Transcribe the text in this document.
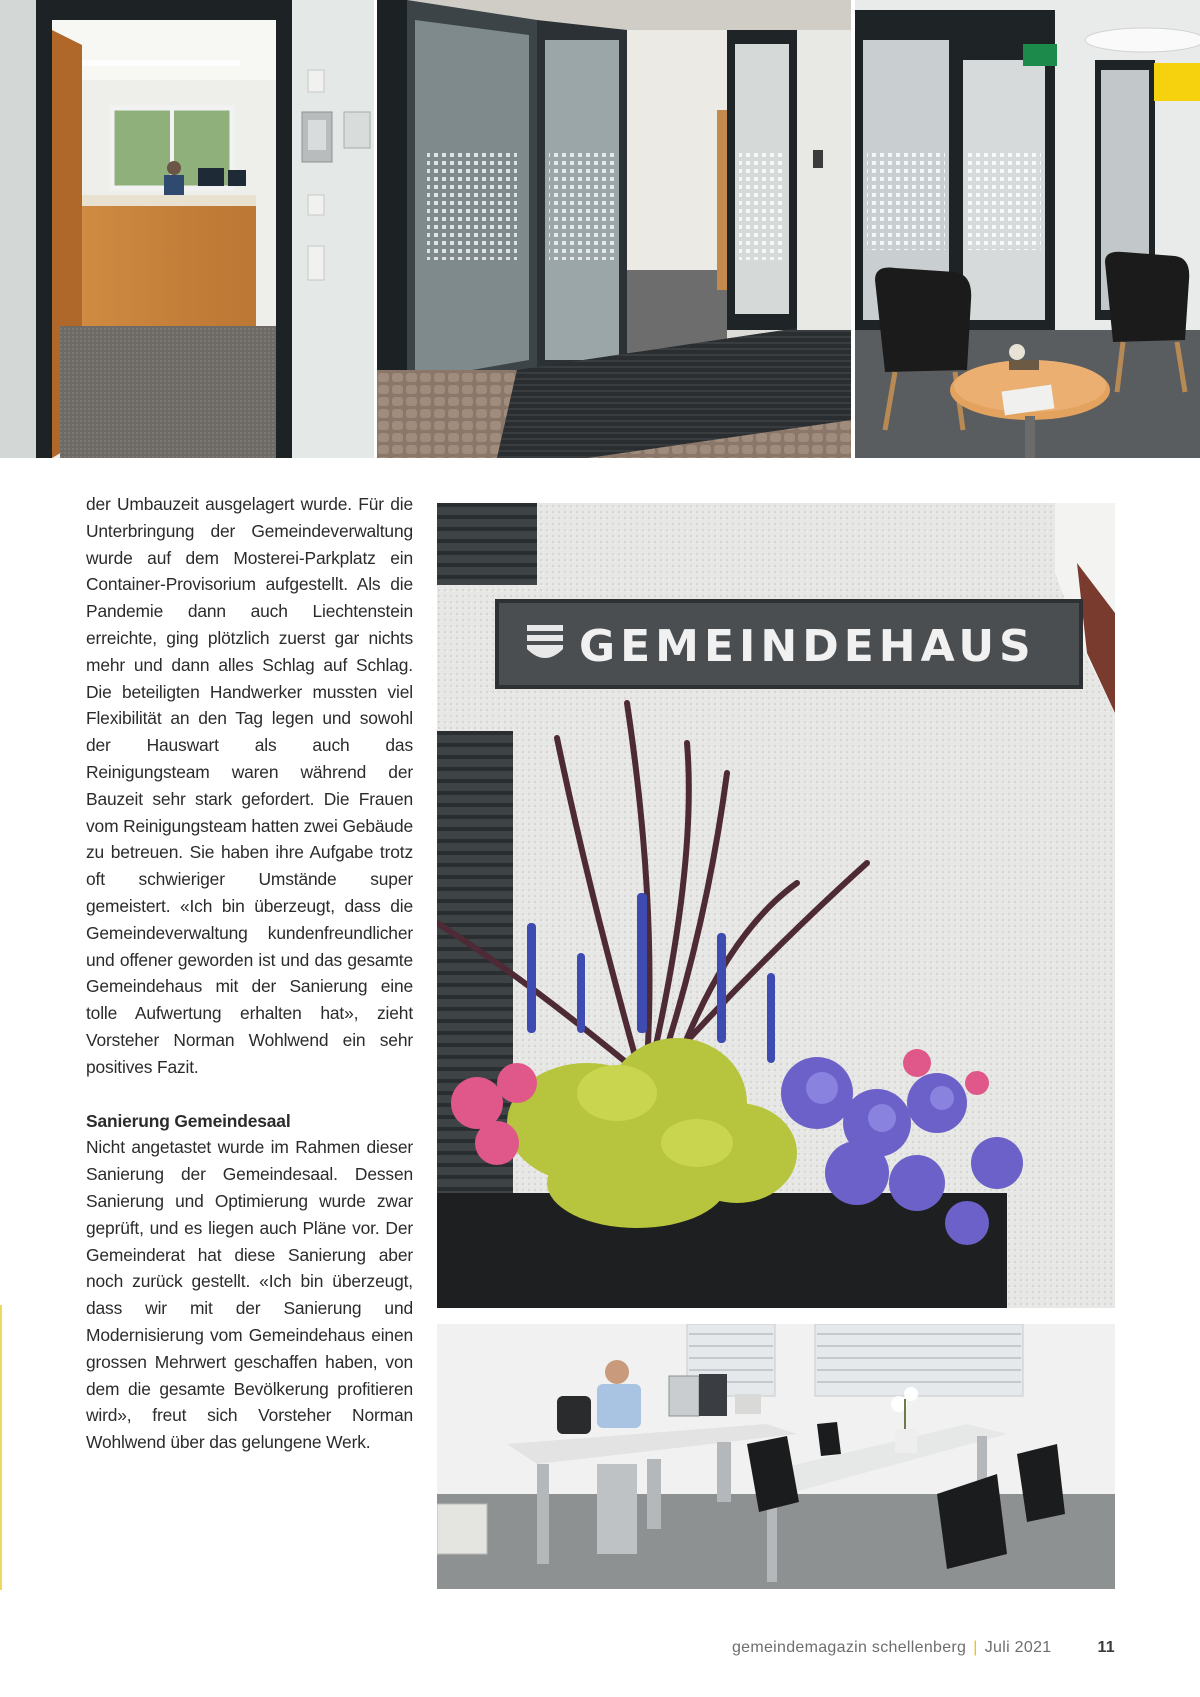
der Umbauzeit ausgelagert wurde. Für die Unterbringung der Gemeindeverwaltung wurde auf dem Mosterei-Parkplatz ein Container-Provisorium aufgestellt. Als die Pandemie dann auch Liechtenstein erreichte, ging plötzlich zuerst gar nichts mehr und dann alles Schlag auf Schlag. Die beteiligten Handwerker mussten viel Flexibilität an den Tag legen und sowohl der Hauswart als auch das Reinigungsteam waren während der Bauzeit sehr stark gefordert. Die Frauen vom Reinigungsteam hatten zwei Gebäude zu betreuen. Sie haben ihre Aufgabe trotz oft schwieriger Umstände super gemeistert. «Ich bin überzeugt, dass die Gemeindeverwaltung kundenfreundlicher und offener geworden ist und das gesamte Gemeindehaus mit der Sanierung eine tolle Aufwertung erhalten hat», zieht Vorsteher Norman Wohlwend ein sehr positives Fazit.

Sanierung Gemeindesaal

Nicht angetastet wurde im Rahmen dieser Sanierung der Gemeindesaal. Dessen Sanierung und Optimierung wurde zwar geprüft, und es liegen auch Pläne vor. Der Gemeinderat hat diese Sanierung aber noch zurück gestellt. «Ich bin überzeugt, dass wir mit der Sanierung und Modernisierung vom Gemeindehaus einen grossen Mehrwert geschaffen haben, von dem die gesamte Bevölkerung profitieren wird», freut sich Vorsteher Norman Wohlwend über das gelungene Werk.

GEMEINDEHAUS
gemeindemagazin schellenberg | Juli 2021	11
